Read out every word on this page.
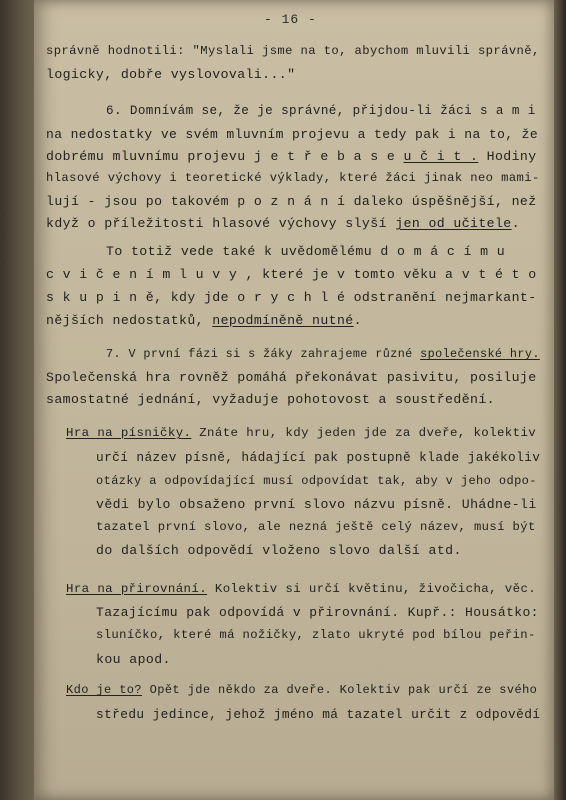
·
·
·
- 16 -
správně hodnotili: "Myslali jsme na to, abychom mluvili správně,
logicky, dobře vyslovovali..."
6. Domnívám se, že je správné, přijdou-li žáci s a m i
na nedostatky ve svém mluvním projevu a tedy pak i na to, že
dobrému mluvnímu projevu j e t ř e b a s e u č i t . Hodiny
hlasové výchovy i teoretické výklady, které žáci jinak neo mami-
lují - jsou po takovém p o z n á n í daleko úspěšnější, než
když o příležitosti hlasové výchovy slyší jen od učitele.
To totiž vede také k uvědomělému d o m á c í m u
c v i č e n í m l u v y , které je v tomto věku a v t é t o
s k u p i n ě, kdy jde o r y c h l é odstranění nejmarkant-
nějších nedostatků, nepodmíněně nutné.
7. V první fázi si s žáky zahrajeme různé společenské hry.
Společenská hra rovněž pomáhá překonávat pasivitu, posiluje
samostatné jednání, vyžaduje pohotovost a soustředění.
Hra na písničky. Znáte hru, kdy jeden jde za dveře, kolektiv
určí název písně, hádající pak postupně klade jakékoliv
otázky a odpovídající musí odpovídat tak, aby v jeho odpo-
vědi bylo obsaženo první slovo názvu písně. Uhádne-li
tazatel první slovo, ale nezná ještě celý název, musí být
do dalších odpovědí vloženo slovo další atd.
Hra na přirovnání. Kolektiv si určí květinu, živočicha, věc.
Tazajícímu pak odpovídá v přirovnání. Kupř.: Housátko:
sluníčko, které má nožičky, zlato ukryté pod bílou peřin-
kou apod.
Kdo je to? Opět jde někdo za dveře. Kolektiv pak určí ze svého
středu jedince, jehož jméno má tazatel určit z odpovědí
